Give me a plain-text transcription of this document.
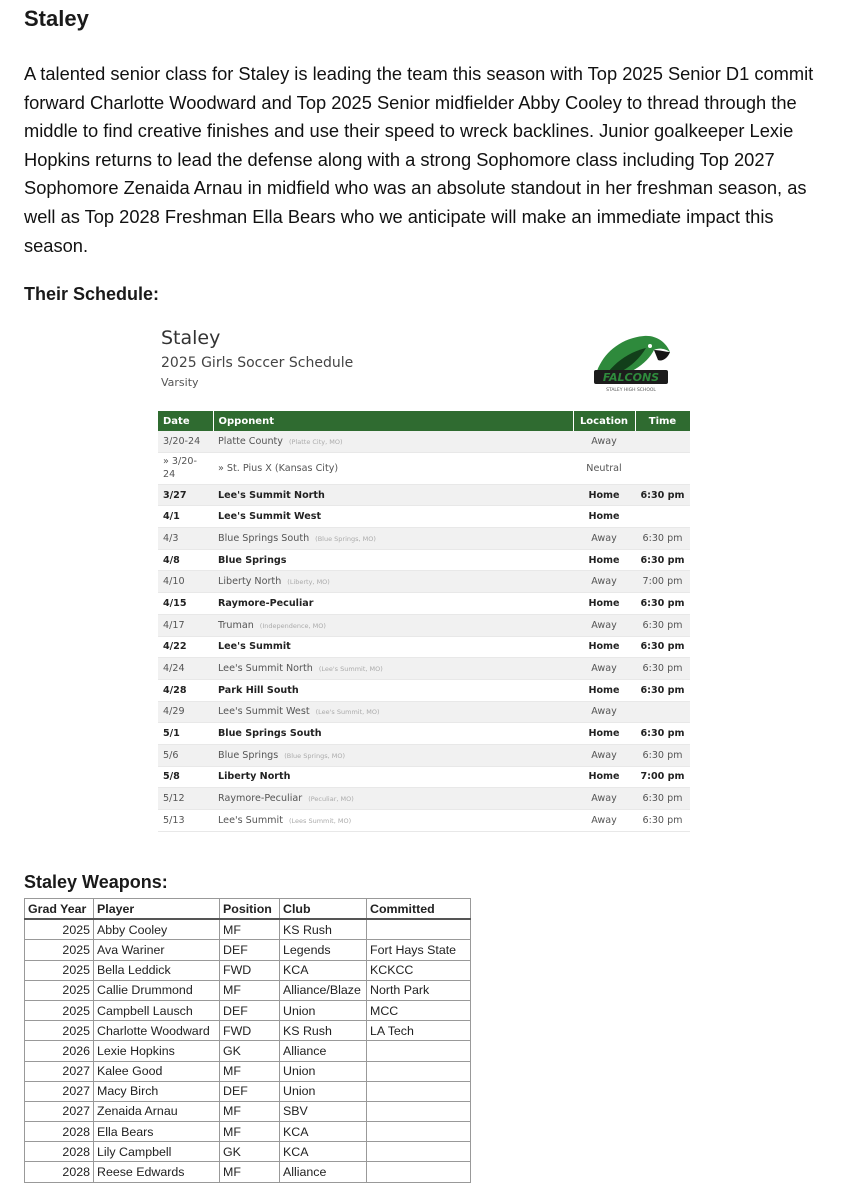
Staley

A talented senior class for Staley is leading the team this season with Top 2025 Senior D1 commit forward Charlotte Woodward and Top 2025 Senior midfielder Abby Cooley to thread through the middle to find creative finishes and use their speed to wreck backlines. Junior goalkeeper Lexie Hopkins returns to lead the defense along with a strong Sophomore class including Top 2027 Sophomore Zenaida Arnau in midfield who was an absolute standout in her freshman season, as well as Top 2028 Freshman Ella Bears who we anticipate will make an immediate impact this season.

Their Schedule:
Staley
2025 Girls Soccer Schedule
Varsity	FALCONS
STALEY HIGH SCHOOL
Date	Opponent	Location	Time
3/20-24	Platte County (Platte City, MO)	Away	
» 3/20-24	» St. Pius X (Kansas City)	Neutral	
3/27	Lee's Summit North	Home	6:30 pm
4/1	Lee's Summit West	Home	
4/3	Blue Springs South (Blue Springs, MO)	Away	6:30 pm
4/8	Blue Springs	Home	6:30 pm
4/10	Liberty North (Liberty, MO)	Away	7:00 pm
4/15	Raymore-Peculiar	Home	6:30 pm
4/17	Truman (Independence, MO)	Away	6:30 pm
4/22	Lee's Summit	Home	6:30 pm
4/24	Lee's Summit North (Lee's Summit, MO)	Away	6:30 pm
4/28	Park Hill South	Home	6:30 pm
4/29	Lee's Summit West (Lee's Summit, MO)	Away	
5/1	Blue Springs South	Home	6:30 pm
5/6	Blue Springs (Blue Springs, MO)	Away	6:30 pm
5/8	Liberty North	Home	7:00 pm
5/12	Raymore-Peculiar (Peculiar, MO)	Away	6:30 pm
5/13	Lee's Summit (Lees Summit, MO)	Away	6:30 pm
Staley Weapons:
Grad Year	Player	Position	Club	Committed
2025	Abby Cooley	MF	KS Rush	
2025	Ava Wariner	DEF	Legends	Fort Hays State
2025	Bella Leddick	FWD	KCA	KCKCC
2025	Callie Drummond	MF	Alliance/Blaze	North Park
2025	Campbell Lausch	DEF	Union	MCC
2025	Charlotte Woodward	FWD	KS Rush	LA Tech
2026	Lexie Hopkins	GK	Alliance	
2027	Kalee Good	MF	Union	
2027	Macy Birch	DEF	Union	
2027	Zenaida Arnau	MF	SBV	
2028	Ella Bears	MF	KCA	
2028	Lily Campbell	GK	KCA	
2028	Reese Edwards	MF	Alliance	
